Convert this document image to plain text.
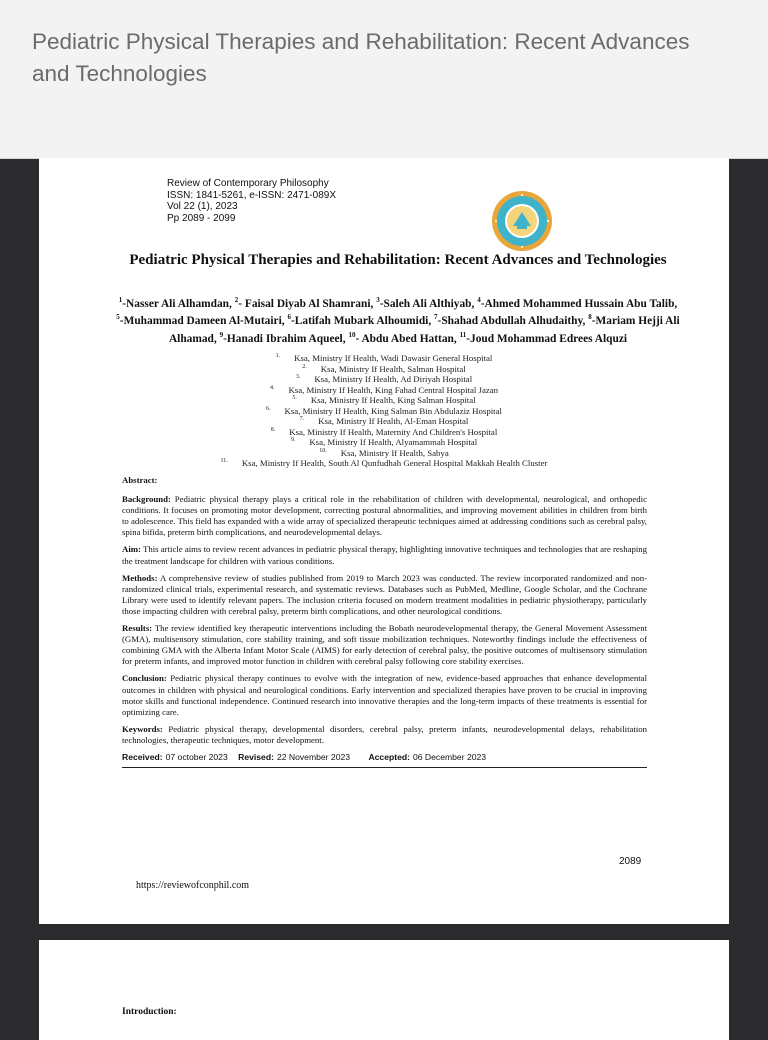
Pediatric Physical Therapies and Rehabilitation: Recent Advances and Technologies
Review of Contemporary Philosophy
ISSN: 1841-5261, e-ISSN: 2471-089X
Vol 22 (1), 2023
Pp 2089 - 2099
Pediatric Physical Therapies and Rehabilitation: Recent Advances and Technologies
$^1$-Nasser Ali Alhamdan, $^2$- Faisal Diyab Al Shamrani, $^3$-Saleh Ali Althiyab, $^4$-Ahmed Mohammed Hussain Abu Talib, $^5$-Muhammad Dameen Al-Mutairi, $^6$-Latifah Mubark Alhoumidi, $^7$-Shahad Abdullah Alhudaithy, $^8$-Mariam Hejji Ali Alhamad, $^9$-Hanadi Ibrahim Aqueel, $^{10}$- Abdu Abed Hattan, $^{11}$-Joud Mohammad Edrees Alquzi
$^{1.}$ Ksa, Ministry If Health, Wadi Dawasir General Hospital
$^{2.}$ Ksa, Ministry If Health, Salman Hospital
$^{3.}$ Ksa, Ministry If Health, Ad Diriyah Hospital
$^{4.}$ Ksa, Ministry If Health, King Fahad Central Hospital Jazan
$^{5.}$ Ksa, Ministry If Health, King Salman Hospital
$^{6.}$ Ksa, Ministry If Health, King Salman Bin Abdulaziz Hospital
$^{7.}$ Ksa, Ministry If Health, Al-Eman Hospital
$^{8.}$ Ksa, Ministry If Health, Maternity And Children's Hospital
$^{9.}$ Ksa, Ministry If Health, Alyamammah Hospital
$^{10.}$ Ksa, Ministry If Health, Sabya
$^{11.}$ Ksa, Ministry If Health, South Al Qunfudhah General Hospital Makkah Health Cluster
Abstract:

Background: Pediatric physical therapy plays a critical role in the rehabilitation of children with developmental, neurological, and orthopedic conditions. It focuses on promoting motor development, correcting postural abnormalities, and improving movement abilities in children from birth to adolescence. This field has expanded with a wide array of specialized therapeutic techniques aimed at addressing conditions such as cerebral palsy, spina bifida, preterm birth complications, and neurodevelopmental delays.

Aim: This article aims to review recent advances in pediatric physical therapy, highlighting innovative techniques and technologies that are reshaping the treatment landscape for children with various conditions.

Methods: A comprehensive review of studies published from 2019 to March 2023 was conducted. The review incorporated randomized and non-randomized clinical trials, experimental research, and systematic reviews. Databases such as PubMed, Medline, Google Scholar, and the Cochrane Library were used to identify relevant papers. The inclusion criteria focused on modern treatment modalities in pediatric physiotherapy, particularly those impacting children with cerebral palsy, preterm birth complications, and other neurological conditions.

Results: The review identified key therapeutic interventions including the Bobath neurodevelopmental therapy, the General Movement Assessment (GMA), multisensory stimulation, core stability training, and soft tissue mobilization techniques. Noteworthy findings include the effectiveness of combining GMA with the Alberta Infant Motor Scale (AIMS) for early detection of cerebral palsy, the positive outcomes of multisensory stimulation for preterm infants, and improved motor function in children with cerebral palsy following core stability exercises.

Conclusion: Pediatric physical therapy continues to evolve with the integration of new, evidence-based approaches that enhance developmental outcomes in children with physical and neurological conditions. Early intervention and specialized therapies have proven to be crucial in improving motor skills and functional independence. Continued research into innovative therapies and the long-term impacts of these treatments is essential for optimizing care.

Keywords: Pediatric physical therapy, developmental disorders, cerebral palsy, preterm infants, neurodevelopmental delays, rehabilitation technologies, therapeutic techniques, motor development.

Received: 07 october 2023 Revised: 22 November 2023 Accepted: 06 December 2023
2089
https://reviewofconphil.com
Introduction:
